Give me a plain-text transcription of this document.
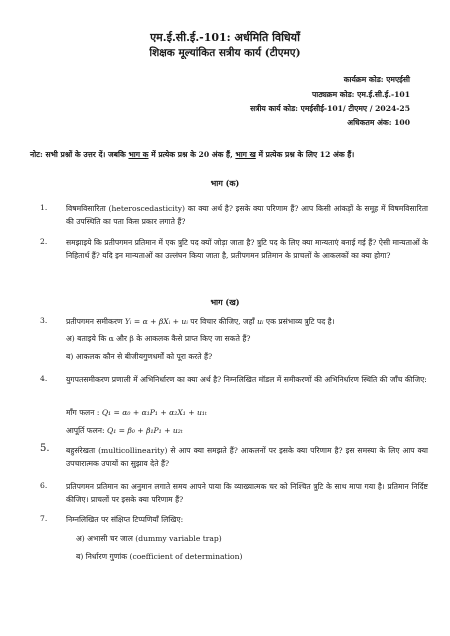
एम.ई.सी.ई.-101: अर्धमिति विधियाँ
शिक्षक मूल्यांकित सत्रीय कार्य (टीएमए)
कार्यक्रम कोड: एमएईसी
पाठ्यक्रम कोड: एम.ई.सी.ई.-101
सत्रीय कार्य कोड: एमईसीई-101/ टीएमए / 2024-25
अधिकतम अंक: 100
नोट: सभी प्रश्नों के उत्तर दें। जबकि भाग क में प्रत्येक प्रश्न के 20 अंक हैं, भाग ख में प्रत्येक प्रश्न के लिए 12 अंक हैं।
भाग (क)
1. विषमविसारिता (heteroscedasticity) का क्या अर्थ है? इसके क्या परिणाम हैं? आप किसी आंकड़ों के समूह में विषमविसारिता की उपस्थिति का पता किस प्रकार लगाते हैं?
2. समझाइये कि प्रतीपगमन प्रतिमान में एक त्रुटि पद क्यों जोड़ा जाता है? त्रुटि पद के लिए क्या मान्यताएं बनाई गई हैं? ऐसी मान्यताओं के निहितार्थ हैं? यदि इन मान्यताओं का उल्लंघन किया जाता है, प्रतीपगमन प्रतिमान के प्राचलों के आकलकों का क्या होगा?
भाग (ख)
3. प्रतीपगमन समीकरण Yᵢ = α + βXᵢ + uᵢ पर विचार कीजिए, जहाँ uᵢ एक प्रसंभाव्य त्रुटि पद है।
अ) बताइये कि α और β के आकलक कैसे प्राप्त किए जा सकते हैं?
ब) आकलक कौन से बीजीयगुणधर्मों को पूरा करते हैं?
4. युगपतसमीकरण प्रणाली में अभिनिर्धारण का क्या अर्थ है? निम्नलिखित मॉडल में समीकरणों की अभिनिर्धारण स्थिति की जाँच कीजिए:
माँग फलन : Q₁ = α₀ + α₁P₁ + α₂X₁ + u₁ₜ
आपूर्ति फलन: Q₁ = β₀ + β₁P₁ + u₂ₜ
5. बहुसंरेखता (multicollinearity) से आप क्या समझते हैं? आकलनों पर इसके क्या परिणाम है? इस समस्या के लिए आप क्या उपचारात्मक उपायों का सुझाव देते हैं?
6. प्रतिपगमन प्रतिमान का अनुमान लगाते समय आपने पाया कि व्याख्यात्मक चर को निश्चित त्रुटि के साथ मापा गया है। प्रतिमान निर्दिष्ट कीजिए। प्राचलों पर इसके क्या परिणाम हैं?
7. निम्नलिखित पर संक्षिप्त टिप्पणियाँ लिखिए:
अ) अभासी चर जाल (dummy variable trap)
ब) निर्धारण गुणांक (coefficient of determination)
